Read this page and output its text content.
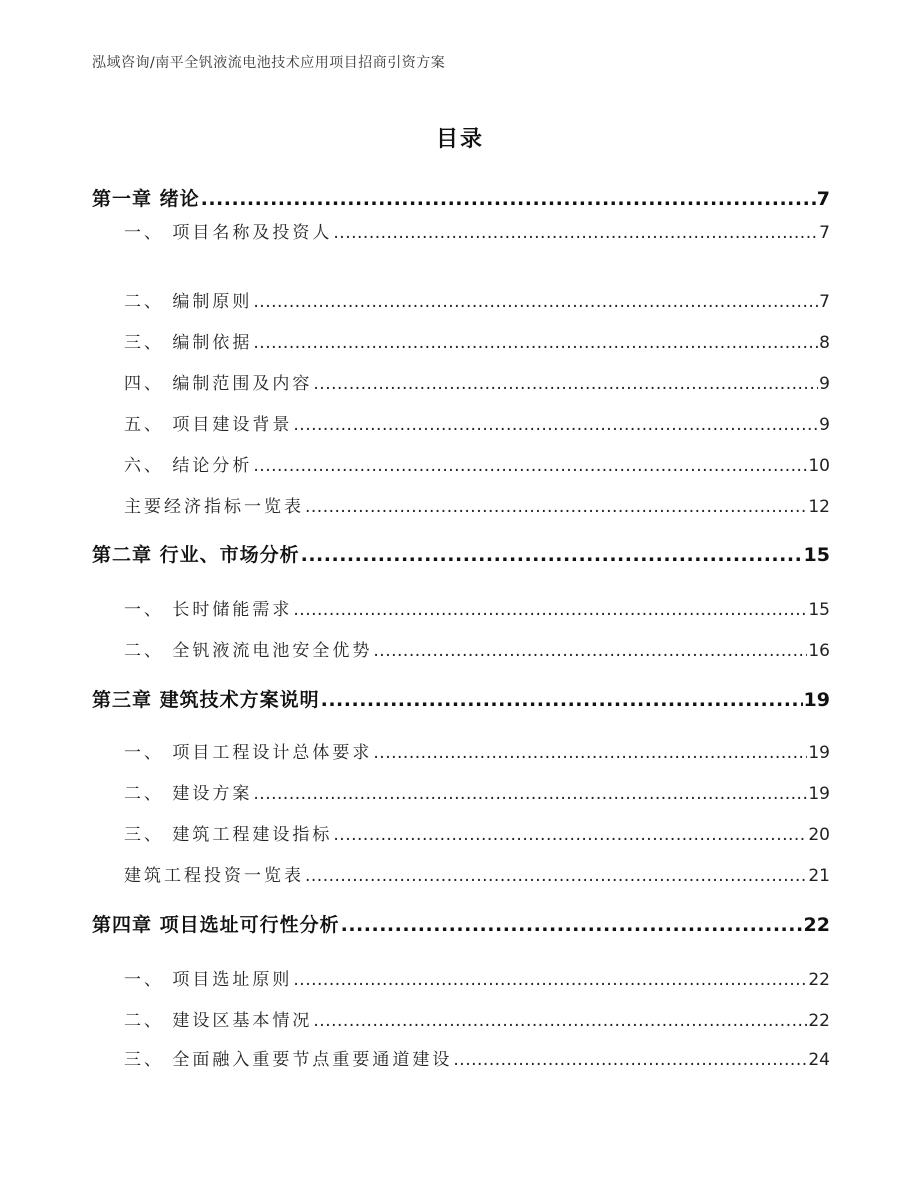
泓域咨询/南平全钒液流电池技术应用项目招商引资方案
目录
第一章 绪论 .....	7
一、 项目名称及投资人 .....	7
二、 编制原则 .....	7
三、 编制依据 .....	8
四、 编制范围及内容 .....	9
五、 项目建设背景 .....	9
六、 结论分析 .....	10
主要经济指标一览表 .....	12
第二章 行业、市场分析 .....	15
一、 长时储能需求 .....	15
二、 全钒液流电池安全优势 .....	16
第三章 建筑技术方案说明 .....	19
一、 项目工程设计总体要求 .....	19
二、 建设方案 .....	19
三、 建筑工程建设指标 .....	20
建筑工程投资一览表 .....	21
第四章 项目选址可行性分析 .....	22
一、 项目选址原则 .....	22
二、 建设区基本情况 .....	22
三、 全面融入重要节点重要通道建设 .....	24
